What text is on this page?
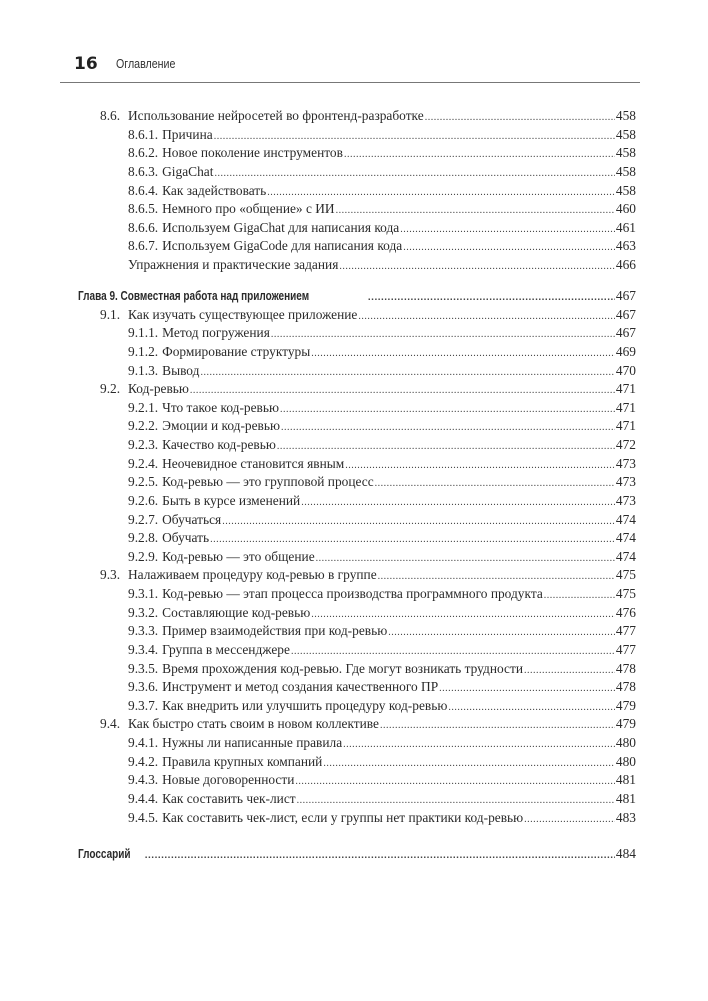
16 Оглавление
8.6. Использование нейросетей во фронтенд-разработке .....	458
8.6.1. Причина .....	458
8.6.2. Новое поколение инструментов .....	458
8.6.3. GigaChat .....	458
8.6.4. Как задействовать .....	458
8.6.5. Немного про «общение» с ИИ .....	460
8.6.6. Используем GigaChat для написания кода .....	461
8.6.7. Используем GigaCode для написания кода .....	463
Упражнения и практические задания .....	466
Глава 9. Совместная работа над приложением .....	467
9.1. Как изучать существующее приложение .....	467
9.1.1. Метод погружения .....	467
9.1.2. Формирование структуры .....	469
9.1.3. Вывод .....	470
9.2. Код-ревью .....	471
9.2.1. Что такое код-ревью .....	471
9.2.2. Эмоции и код-ревью .....	471
9.2.3. Качество код-ревью .....	472
9.2.4. Неочевидное становится явным .....	473
9.2.5. Код-ревью — это групповой процесс .....	473
9.2.6. Быть в курсе изменений .....	473
9.2.7. Обучаться .....	474
9.2.8. Обучать .....	474
9.2.9. Код-ревью — это общение .....	474
9.3. Налаживаем процедуру код-ревью в группе .....	475
9.3.1. Код-ревью — этап процесса производства программного продукта .....	475
9.3.2. Составляющие код-ревью .....	476
9.3.3. Пример взаимодействия при код-ревью .....	477
9.3.4. Группа в мессенджере .....	477
9.3.5. Время прохождения код-ревью. Где могут возникать трудности .....	478
9.3.6. Инструмент и метод создания качественного ПР .....	478
9.3.7. Как внедрить или улучшить процедуру код-ревью .....	479
9.4. Как быстро стать своим в новом коллективе .....	479
9.4.1. Нужны ли написанные правила .....	480
9.4.2. Правила крупных компаний .....	480
9.4.3. Новые договоренности .....	481
9.4.4. Как составить чек-лист .....	481
9.4.5. Как составить чек-лист, если у группы нет практики код-ревью .....	483
Глоссарий .....	484
